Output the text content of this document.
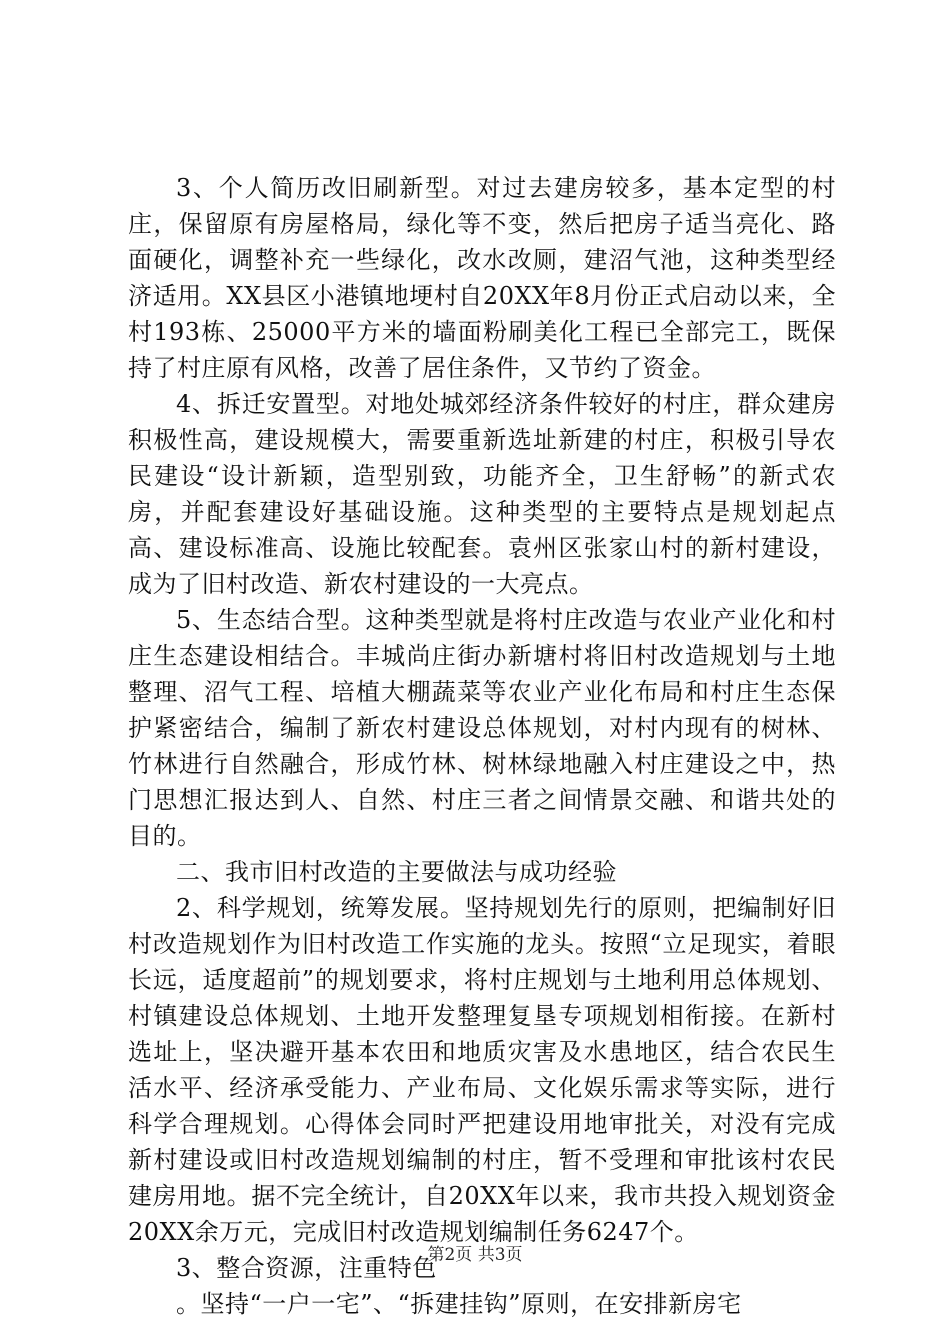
3、个人简历改旧刷新型。对过去建房较多，基本定型的村庄，保留原有房屋格局，绿化等不变，然后把房子适当亮化、路面硬化，调整补充一些绿化，改水改厕，建沼气池，这种类型经济适用。XX县区小港镇地埂村自20XX年8月份正式启动以来，全村193栋、25000平方米的墙面粉刷美化工程已全部完工，既保持了村庄原有风格，改善了居住条件，又节约了资金。

4、拆迁安置型。对地处城郊经济条件较好的村庄，群众建房积极性高，建设规模大，需要重新选址新建的村庄，积极引导农民建设“设计新颖，造型别致，功能齐全，卫生舒畅”的新式农房，并配套建设好基础设施。这种类型的主要特点是规划起点高、建设标准高、设施比较配套。袁州区张家山村的新村建设，成为了旧村改造、新农村建设的一大亮点。

5、生态结合型。这种类型就是将村庄改造与农业产业化和村庄生态建设相结合。丰城尚庄街办新塘村将旧村改造规划与土地整理、沼气工程、培植大棚蔬菜等农业产业化布局和村庄生态保护紧密结合，编制了新农村建设总体规划，对村内现有的树林、竹林进行自然融合，形成竹林、树林绿地融入村庄建设之中，热门思想汇报达到人、自然、村庄三者之间情景交融、和谐共处的目的。

二、我市旧村改造的主要做法与成功经验

2、科学规划，统筹发展。坚持规划先行的原则，把编制好旧村改造规划作为旧村改造工作实施的龙头。按照“立足现实，着眼长远，适度超前”的规划要求，将村庄规划与土地利用总体规划、村镇建设总体规划、土地开发整理复垦专项规划相衔接。在新村选址上，坚决避开基本农田和地质灾害及水患地区，结合农民生活水平、经济承受能力、产业布局、文化娱乐需求等实际，进行科学合理规划。心得体会同时严把建设用地审批关，对没有完成新村建设或旧村改造规划编制的村庄，暂不受理和审批该村农民建房用地。据不完全统计，自20XX年以来，我市共投入规划资金20XX余万元，完成旧村改造规划编制任务6247个。

3、整合资源，注重特色

。坚持“一户一宅”、“拆建挂钩”原则，在安排新房宅

第2页 共3页
